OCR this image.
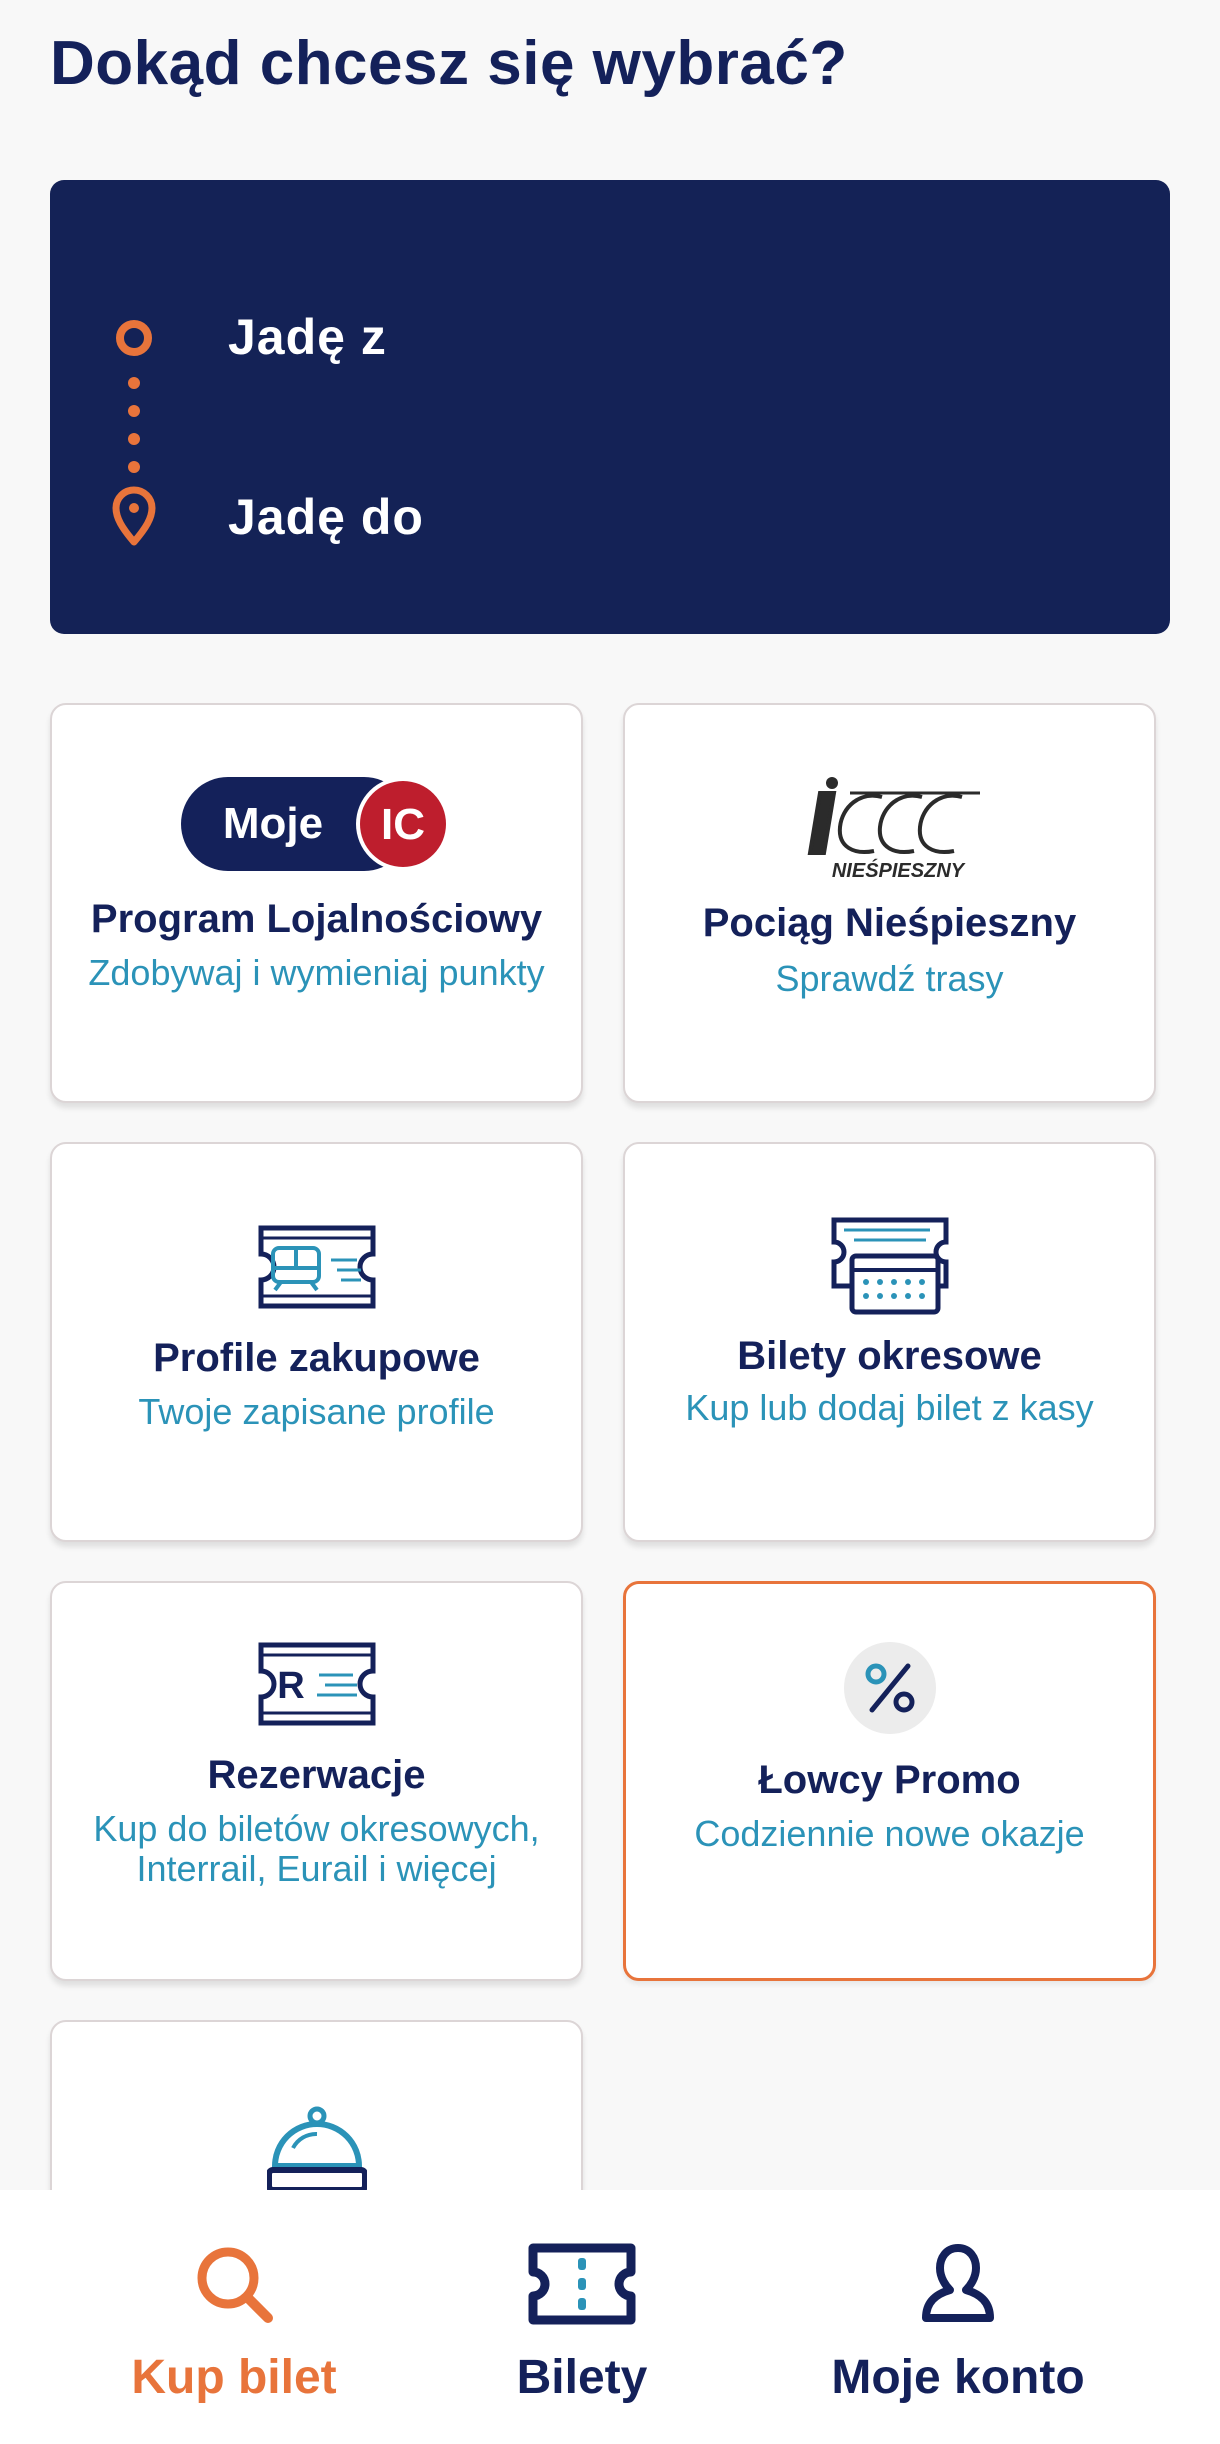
Dokąd chcesz się wybrać?
Jadę z
Jadę do
Moje IC
Program Lojalnościowy
Zdobywaj i wymieniaj punkty
NIEŚPIESZNY
Pociąg Nieśpieszny
Sprawdź trasy
Profile zakupowe
Twoje zapisane profile
Bilety okresowe
Kup lub dodaj bilet z kasy
R
Rezerwacje
Kup do biletów okresowych, Interrail, Eurail i więcej
Łowcy Promo
Codziennie nowe okazje
Kup bilet	Bilety	Moje konto
